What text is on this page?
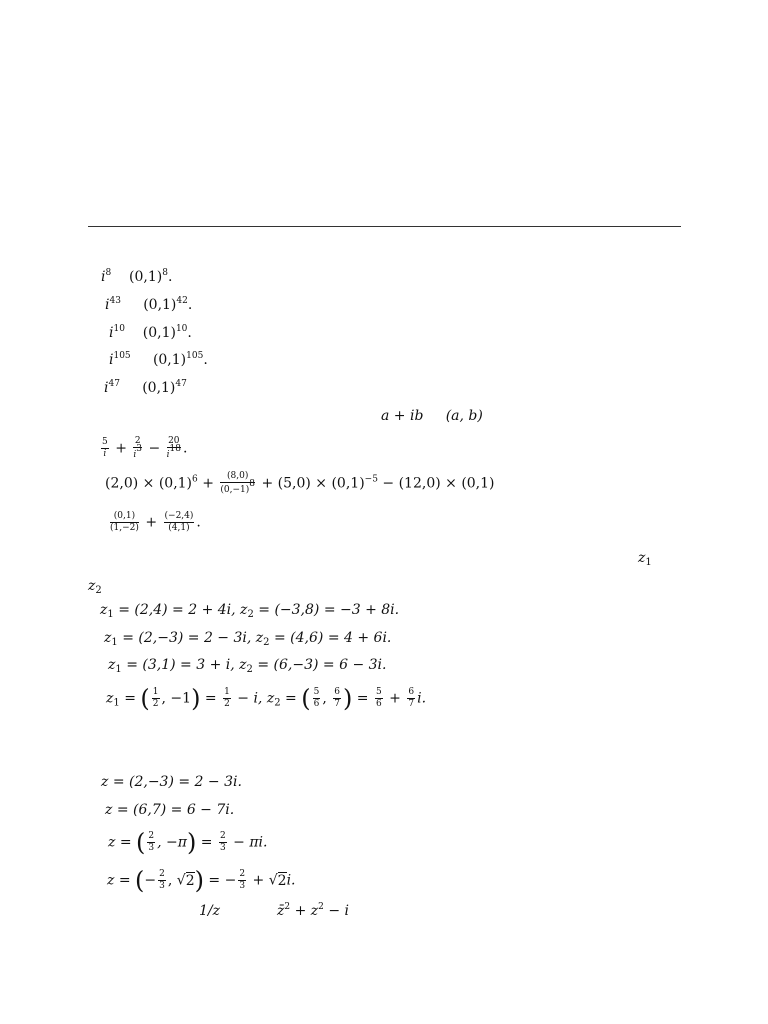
$i^8$ $(0,1)^8$.
$i^{43}$ $(0,1)^{42}$.
$i^{10}$ $(0,1)^{10}$.
$i^{105}$ $(0,1)^{105}$.
$i^{47}$ $(0,1)^{47}$
a + ib (a, b)
$\frac{5}{i} + \frac{2}{i^3} - \frac{20}{i^{18}}$ .
$(2,0) \times (0,1)^6 + \frac{(8,0)}{(0,-1)^8} + (5,0) \times (0,1)^{-5} - (12,0) \times (0,1)$
$\frac{(0,1)}{(1,-2)} + \frac{(-2,4)}{(4,1)}$ .
$z_1$
$z_2$
$z_1 = (2,4) = 2 + 4i$, $z_2 = (-3,8) = -3 + 8i$.
$z_1 = (2,-3) = 2 - 3i$, $z_2 = (4,6) = 4 + 6i$.
$z_1 = (3,1) = 3 + i$, $z_2 = (6,-3) = 6 - 3i$.
$z_1$ = ( $\frac{1}{2}$ , $-1) = \frac{1}{2} - i$, $z_2$ = ( $\frac{5}{6}$ , $\frac{6}{7}$ ) = $\frac{5}{6} + \frac{6}{7} i$.
z = (2,−3) = 2 − 3i.
z = (6,7) = 6 − 7i.
z = ( $\frac{2}{3}$ , $-\pi) = \frac{2}{3} - \pi i$.
z = (− $\frac{2}{3}$ , √2) = − $\frac{2}{3} + √2i$.
1/z	z̄$^2$ + $z^2 - i$
